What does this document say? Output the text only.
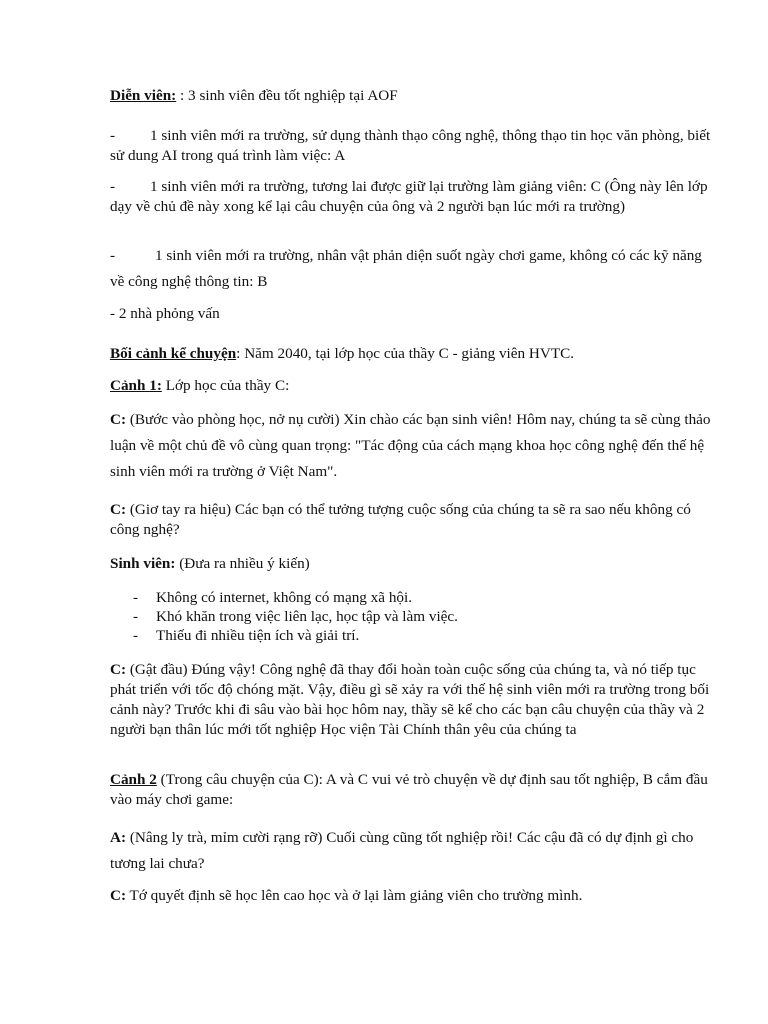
Diễn viên: : 3 sinh viên đều tốt nghiệp tại AOF

- 1 sinh viên mới ra trường, sử dụng thành thạo công nghệ, thông thạo tin học văn phòng, biết sử dung AI trong quá trình làm việc: A

- 1 sinh viên mới ra trường, tương lai được giữ lại trường làm giảng viên: C (Ông này lên lớp dạy về chủ đề này xong kể lại câu chuyện của ông và 2 người bạn lúc mới ra trường)

-	1 sinh viên mới ra trường, nhân vật phản diện suốt ngày chơi game, không có các kỹ năng về công nghệ thông tin: B

- 2 nhà phỏng vấn

Bối cảnh kể chuyện: Năm 2040, tại lớp học của thầy C - giảng viên HVTC.

Cảnh 1: Lớp học của thầy C:

C: (Bước vào phòng học, nở nụ cười) Xin chào các bạn sinh viên! Hôm nay, chúng ta sẽ cùng thảo luận về một chủ đề vô cùng quan trọng: "Tác động của cách mạng khoa học công nghệ đến thế hệ sinh viên mới ra trường ở Việt Nam".

C: (Giơ tay ra hiệu) Các bạn có thể tưởng tượng cuộc sống của chúng ta sẽ ra sao nếu không có công nghệ?

Sinh viên: (Đưa ra nhiều ý kiến)

- Không có internet, không có mạng xã hội.

- Khó khăn trong việc liên lạc, học tập và làm việc.

- Thiếu đi nhiều tiện ích và giải trí.

C: (Gật đầu) Đúng vậy! Công nghệ đã thay đổi hoàn toàn cuộc sống của chúng ta, và nó tiếp tục phát triển với tốc độ chóng mặt. Vậy, điều gì sẽ xảy ra với thế hệ sinh viên mới ra trường trong bối cảnh này? Trước khi đi sâu vào bài học hôm nay, thầy sẽ kể cho các bạn câu chuyện của thầy và 2 người bạn thân lúc mới tốt nghiệp Học viện Tài Chính thân yêu của chúng ta

Cảnh 2 (Trong câu chuyện của C): A và C vui vẻ trò chuyện về dự định sau tốt nghiệp, B cắm đầu vào máy chơi game:

A: (Nâng ly trà, mỉm cười rạng rỡ) Cuối cùng cũng tốt nghiệp rồi! Các cậu đã có dự định gì cho tương lai chưa?

C: Tớ quyết định sẽ học lên cao học và ở lại làm giảng viên cho trường mình.
